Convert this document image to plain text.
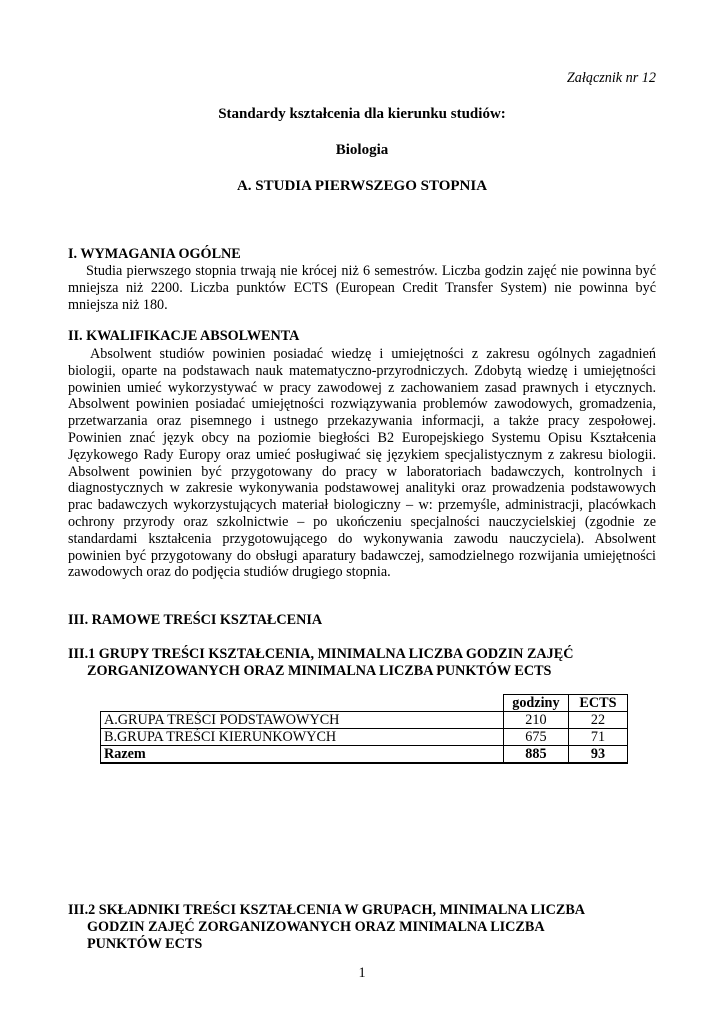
Załącznik nr 12
Standardy kształcenia dla kierunku studiów:
Biologia
A. STUDIA PIERWSZEGO STOPNIA
I. WYMAGANIA OGÓLNE

Studia pierwszego stopnia trwają nie krócej niż 6 semestrów. Liczba godzin zajęć nie powinna być mniejsza niż 2200. Liczba punktów ECTS (European Credit Transfer System) nie powinna być mniejsza niż 180.

II. KWALIFIKACJE ABSOLWENTA

Absolwent studiów powinien posiadać wiedzę i umiejętności z zakresu ogólnych zagadnień biologii, oparte na podstawach nauk matematyczno-przyrodniczych. Zdobytą wiedzę i umiejętności powinien umieć wykorzystywać w pracy zawodowej z zachowaniem zasad prawnych i etycznych. Absolwent powinien posiadać umiejętności rozwiązywania problemów zawodowych, gromadzenia, przetwarzania oraz pisemnego i ustnego przekazywania informacji, a także pracy zespołowej. Powinien znać język obcy na poziomie biegłości B2 Europejskiego Systemu Opisu Kształcenia Językowego Rady Europy oraz umieć posługiwać się językiem specjalistycznym z zakresu biologii. Absolwent powinien być przygotowany do pracy w laboratoriach badawczych, kontrolnych i diagnostycznych w zakresie wykonywania podstawowej analityki oraz prowadzenia podstawowych prac badawczych wykorzystujących materiał biologiczny – w: przemyśle, administracji, placówkach ochrony przyrody oraz szkolnictwie – po ukończeniu specjalności nauczycielskiej (zgodnie ze standardami kształcenia przygotowującego do wykonywania zawodu nauczyciela). Absolwent powinien być przygotowany do obsługi aparatury badawczej, samodzielnego rozwijania umiejętności zawodowych oraz do podjęcia studiów drugiego stopnia.

III. RAMOWE TREŚCI KSZTAŁCENIA
III.1 GRUPY TREŚCI KSZTAŁCENIA, MINIMALNA LICZBA GODZIN ZAJĘĆ
ZORGANIZOWANYCH ORAZ MINIMALNA LICZBA PUNKTÓW ECTS
	godziny	ECTS
A.GRUPA TREŚCI PODSTAWOWYCH	210	22
B.GRUPA TREŚCI KIERUNKOWYCH	675	71
Razem	885	93
III.2 SKŁADNIKI TREŚCI KSZTAŁCENIA W GRUPACH, MINIMALNA LICZBA
GODZIN ZAJĘĆ ZORGANIZOWANYCH ORAZ MINIMALNA LICZBA
PUNKTÓW ECTS
1
